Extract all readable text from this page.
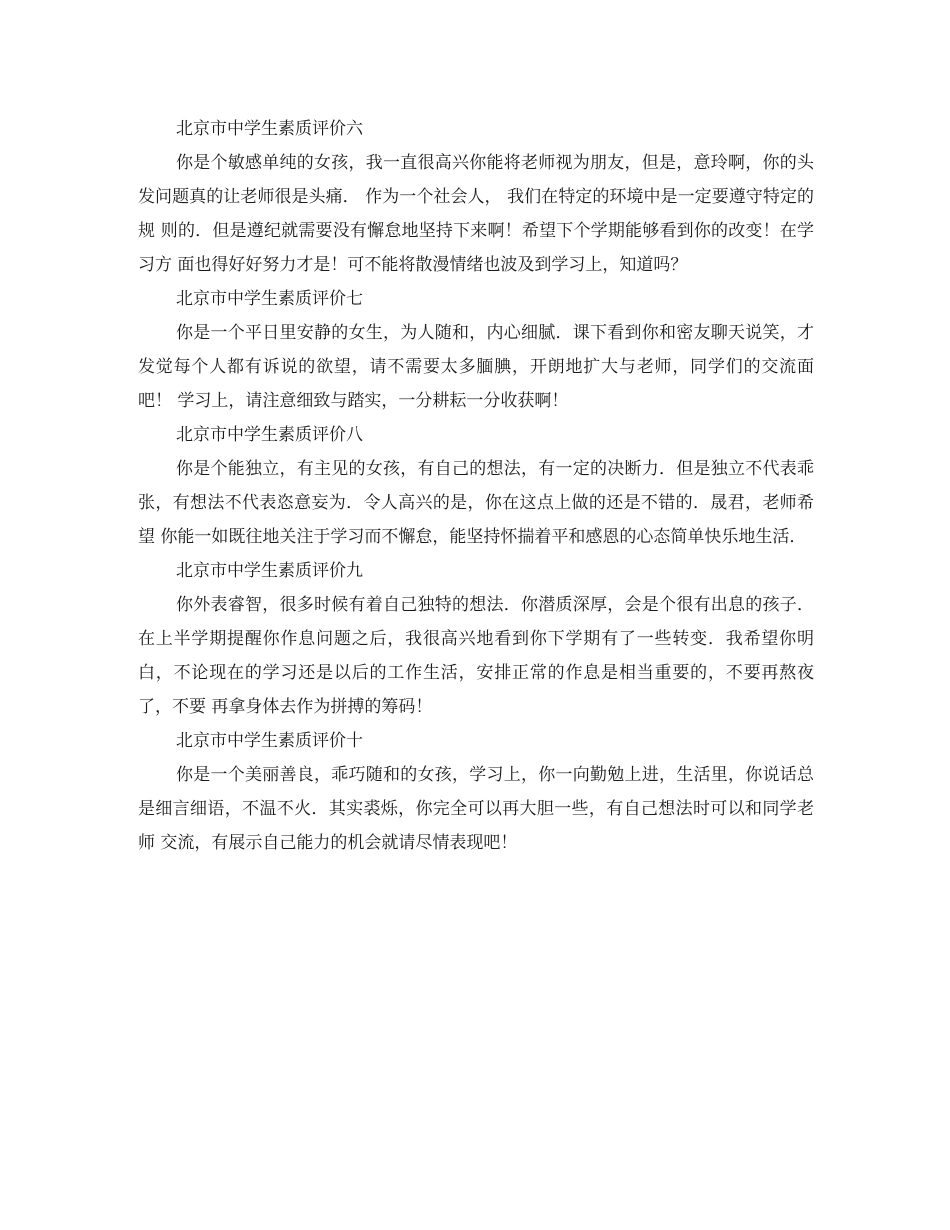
北京市中学生素质评价六

你是个敏感单纯的女孩，我一直很高兴你能将老师视为朋友，但是，意玲啊，你的头 发问题真的让老师很是头痛． 作为一个社会人， 我们在特定的环境中是一定要遵守特定的规 则的．但是遵纪就需要没有懈怠地坚持下来啊！希望下个学期能够看到你的改变！在学习方 面也得好好努力才是！可不能将散漫情绪也波及到学习上，知道吗？

北京市中学生素质评价七

你是一个平日里安静的女生，为人随和，内心细腻．课下看到你和密友聊天说笑，才 发觉每个人都有诉说的欲望，请不需要太多腼腆，开朗地扩大与老师，同学们的交流面吧！ 学习上，请注意细致与踏实，一分耕耘一分收获啊！

北京市中学生素质评价八

你是个能独立，有主见的女孩，有自己的想法，有一定的决断力．但是独立不代表乖 张，有想法不代表恣意妄为．令人高兴的是，你在这点上做的还是不错的．晟君，老师希望 你能一如既往地关注于学习而不懈怠，能坚持怀揣着平和感恩的心态简单快乐地生活．

北京市中学生素质评价九

你外表睿智，很多时候有着自己独特的想法．你潜质深厚，会是个很有出息的孩子． 在上半学期提醒你作息问题之后，我很高兴地看到你下学期有了一些转变．我希望你明白，不论现在的学习还是以后的工作生活，安排正常的作息是相当重要的，不要再熬夜了，不要 再拿身体去作为拼搏的筹码！

北京市中学生素质评价十

你是一个美丽善良，乖巧随和的女孩，学习上，你一向勤勉上进，生活里，你说话总 是细言细语，不温不火．其实裘烁，你完全可以再大胆一些，有自己想法时可以和同学老师 交流，有展示自己能力的机会就请尽情表现吧！
